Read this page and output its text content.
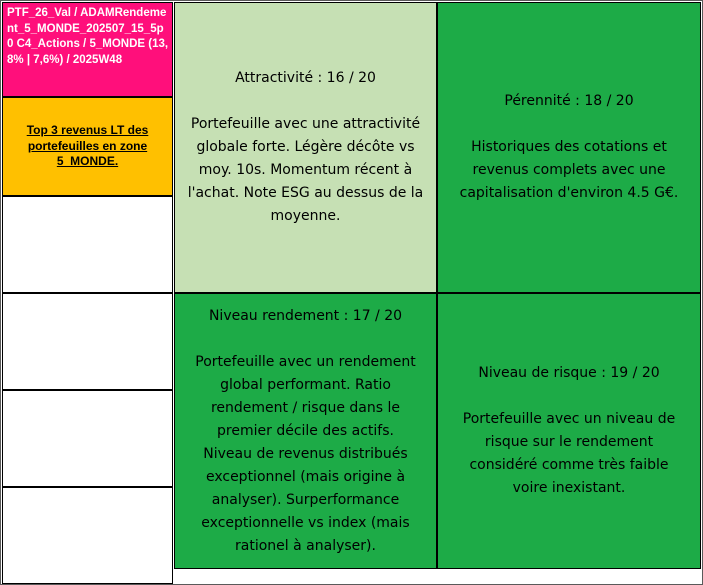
PTF_26_Val / ADAMRendement_5_MONDE_202507_15_5p0 C4_Actions / 5_MONDE (13,8% | 7,6%) / 2025W48
Top 3 revenus LT des portefeuilles en zone 5_MONDE.
Attractivité : 16 / 20
Portefeuille avec une attractivité globale forte. Légère décôte vs moy. 10s. Momentum récent à l'achat. Note ESG au dessus de la moyenne.
Pérennité : 18 / 20
Historiques des cotations et revenus complets avec une capitalisation d'environ 4.5 G€.
Niveau rendement : 17 / 20
Portefeuille avec un rendement global performant. Ratio rendement / risque dans le premier décile des actifs. Niveau de revenus distribués exceptionnel (mais origine à analyser). Surperformance exceptionnelle vs index (mais rationel à analyser).
Niveau de risque : 19 / 20
Portefeuille avec un niveau de risque sur le rendement considéré comme très faible voire inexistant.
